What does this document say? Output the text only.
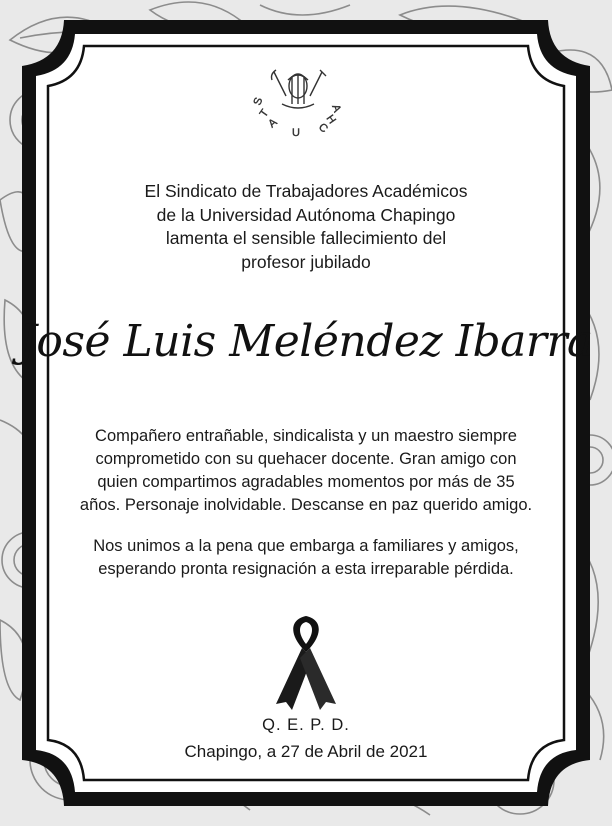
S
T
A
U C
H
A
El Sindicato de Trabajadores Académicos
de la Universidad Autónoma Chapingo
lamenta el sensible fallecimiento del
profesor jubilado
José Luis Meléndez Ibarra
Compañero entrañable, sindicalista y un maestro siempre
comprometido con su quehacer docente. Gran amigo con
quien compartimos agradables momentos por más de 35
años. Personaje inolvidable. Descanse en paz querido amigo.
Nos unimos a la pena que embarga a familiares y amigos,
esperando pronta resignación a esta irreparable pérdida.
Q. E. P. D.
Chapingo, a 27 de Abril de 2021
